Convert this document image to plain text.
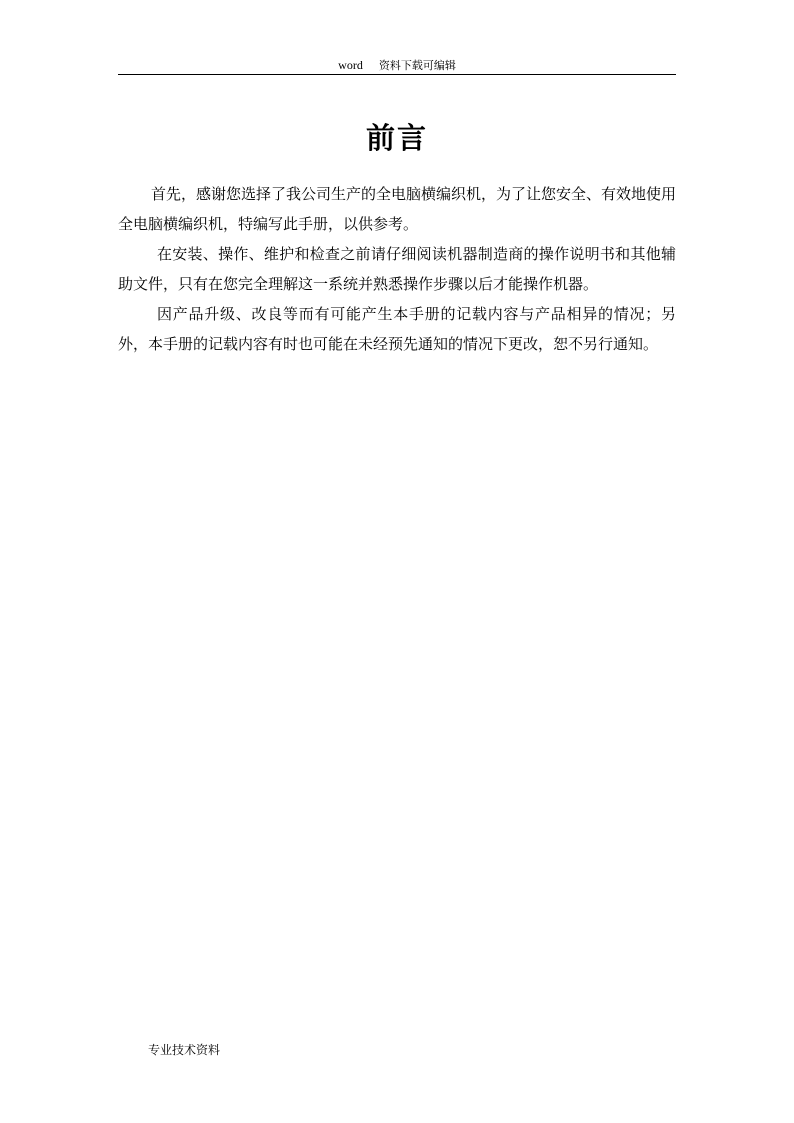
word 资料下载可编辑
前言

首先，感谢您选择了我公司生产的全电脑横编织机，为了让您安全、有效地使用全电脑横编织机，特编写此手册，以供参考。

在安装、操作、维护和检查之前请仔细阅读机器制造商的操作说明书和其他辅助文件，只有在您完全理解这一系统并熟悉操作步骤以后才能操作机器。

因产品升级、改良等而有可能产生本手册的记载内容与产品相异的情况；另外，本手册的记载内容有时也可能在未经预先通知的情况下更改，恕不另行通知。

专业技术资料
